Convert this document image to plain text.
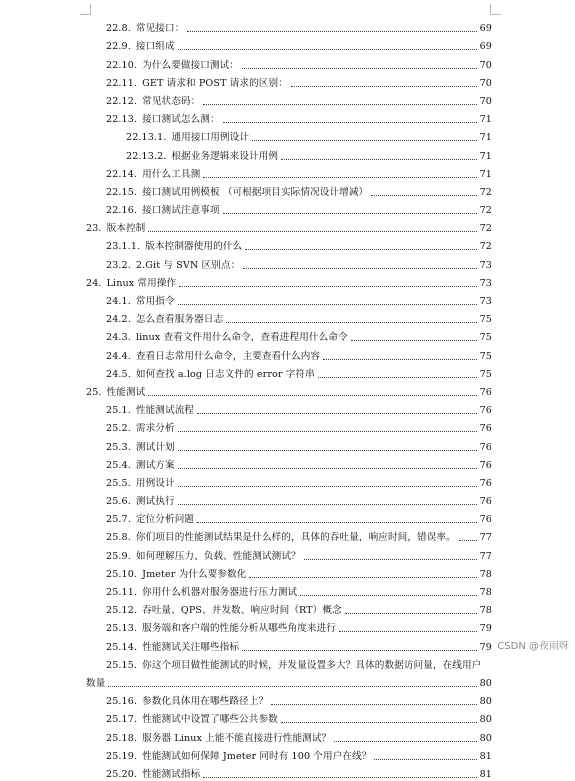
22.8. 常见接口：	69
22.9. 接口组成	69
22.10. 为什么要做接口测试：	70
22.11. GET 请求和 POST 请求的区别：	70
22.12. 常见状态码：	70
22.13. 接口测试怎么测：	71
22.13.1. 通用接口用例设计	71
22.13.2. 根据业务逻辑来设计用例	71
22.14. 用什么工具测	71
22.15. 接口测试用例模板 （可根据项目实际情况设计增减）	72
22.16. 接口测试注意事项	72
23. 版本控制	72
23.1.1. 版本控制器使用的什么	72
23.2. 2.Git 与 SVN 区别点：	73
24. Linux 常用操作	73
24.1. 常用指令	73
24.2. 怎么查看服务器日志	75
24.3. linux 查看文件用什么命令，查看进程用什么命令	75
24.4. 查看日志常用什么命令，主要查看什么内容	75
24.5. 如何查找 a.log 日志文件的 error 字符串	75
25. 性能测试	76
25.1. 性能测试流程	76
25.2. 需求分析	76
25.3. 测试计划	76
25.4. 测试方案	76
25.5. 用例设计	76
25.6. 测试执行	76
25.7. 定位分析问题	76
25.8. 你们项目的性能测试结果是什么样的，具体的吞吐量，响应时间，错误率。 77
25.9. 如何理解压力、负载、性能测试测试？	77
25.10. Jmeter 为什么要参数化	78
25.11. 你用什么机器对服务器进行压力测试	78
25.12. 吞吐量、QPS、并发数、响应时间（RT）概念	78
25.13. 服务端和客户端的性能分析从哪些角度来进行	79
25.14. 性能测试关注哪些指标	79
25.15. 你这个项目做性能测试的时候，并发量设置多大？具体的数据访问量，在线用户
数量	80
25.16. 参数化具体用在哪些路径上？	80
25.17. 性能测试中设置了哪些公共参数	80
25.18. 服务器 Linux 上能不能直接进行性能测试？	80
25.19. 性能测试如何保障 Jmeter 同时有 100 个用户在线？	81
25.20. 性能测试指标	81
CSDN @夜雨呀
